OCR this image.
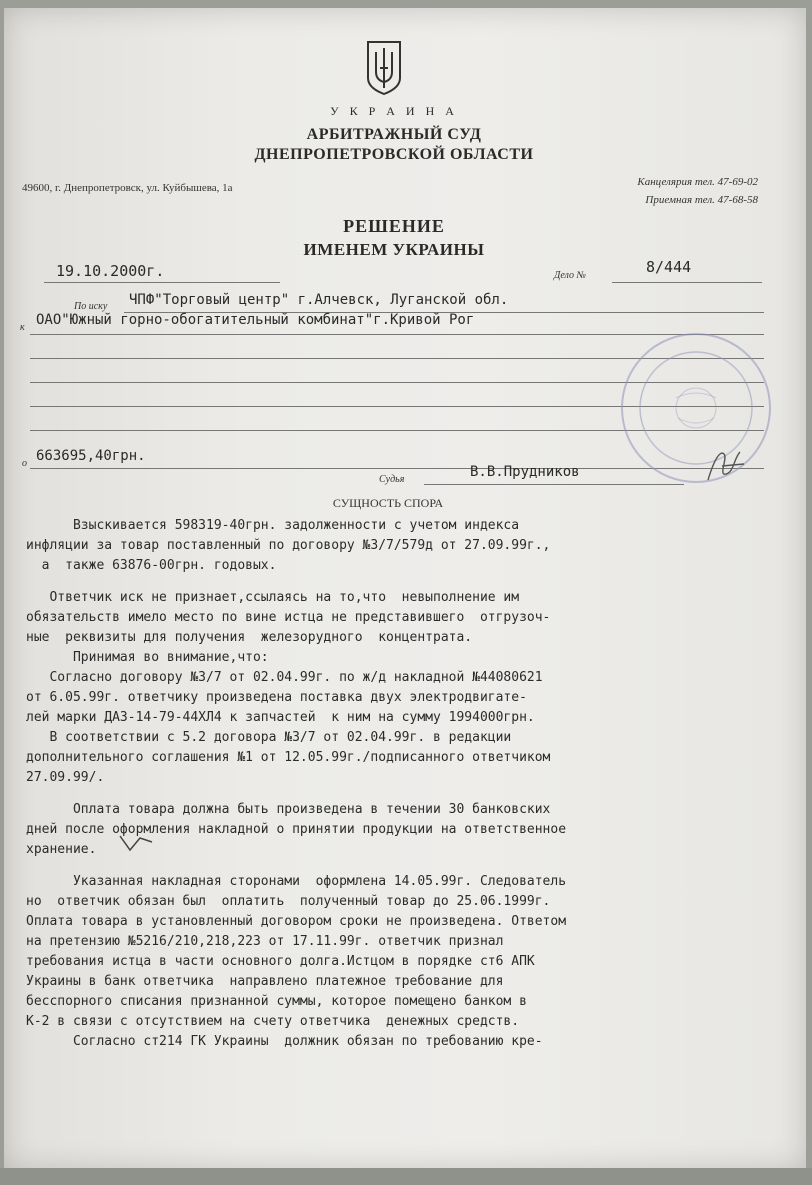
У К Р А И Н А
АРБИТРАЖНЫЙ СУД
ДНЕПРОПЕТРОВСКОЙ ОБЛАСТИ
49600, г. Днепропетровск, ул. Куйбышева, 1а	Канцелярия тел. 47-69-02
Приемная тел. 47-68-58
РЕШЕНИЕ
ИМЕНЕМ УКРАИНЫ
19.10.2000г.	Дело №	8/444
По иску ЧПФ"Торговый центр" г.Алчевск, Луганской обл.
к ОАО"Южный горно-обогатительный комбинат"г.Кривой Рог
о 663695,40грн.
Судья	В.В.Прудников
СУЩНОСТЬ СПОРА

Взыскивается 598319-40грн. задолженности с учетом индекса

инфляции за товар поставленный по договору №3/7/579д от 27.09.99г.,

а  также 63876-00грн. годовых.

Ответчик иск не признает,ссылаясь на то,что  невыполнение им

обязательств имело место по вине истца не представившего  отгрузоч-

ные  реквизиты для получения  железорудного  концентрата.

Принимая во внимание,что:

Согласно договору №3/7 от 02.04.99г. по ж/д накладной №44080621

от 6.05.99г. ответчику произведена поставка двух электродвигате-

лей марки ДАЗ-14-79-44ХЛ4 к запчастей  к ним на сумму 1994000грн.

В соответствии с 5.2 договора №3/7 от 02.04.99г. в редакции

дополнительного соглашения №1 от 12.05.99г./подписанного ответчиком

27.09.99/.

Оплата товара должна быть произведена в течении 30 банковских

дней после оформления накладной о принятии продукции на ответственное

хранение.

Указанная накладная сторонами  оформлена 14.05.99г. Следователь

но  ответчик обязан был  оплатить  полученный товар до 25.06.1999г.

Оплата товара в установленный договором сроки не произведена. Ответом

на претензию №5216/210,218,223 от 17.11.99г. ответчик признал

требования истца в части основного долга.Истцом в порядке ст6 АПК

Украины в банк ответчика  направлено платежное требование для

бесспорного списания признанной суммы, которое помещено банком в

К-2 в связи с отсутствием на счету ответчика  денежных средств.

Согласно ст214 ГК Украины  должник обязан по требованию кре-
